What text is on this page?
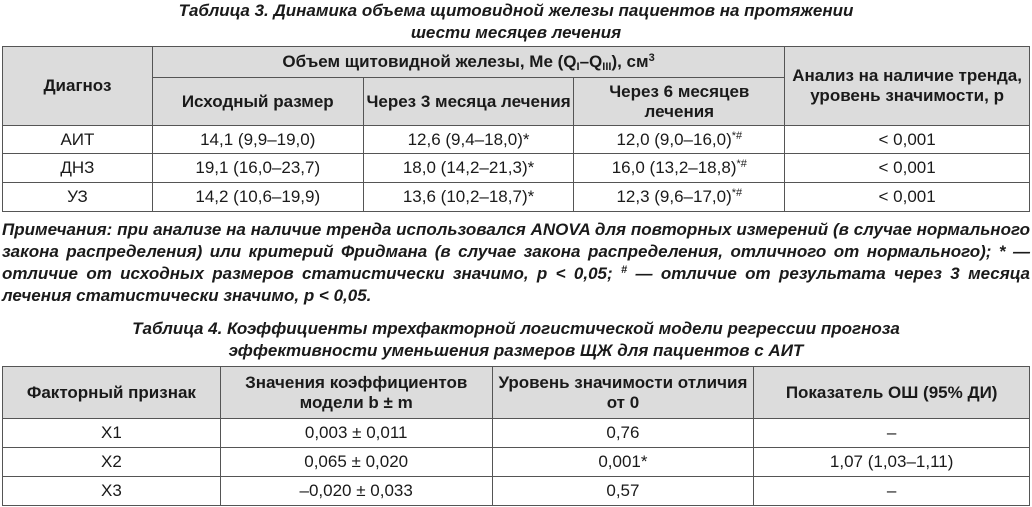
Таблица 3. Динамика объема щитовидной железы пациентов на протяжении
шести месяцев лечения
Диагноз	Объем щитовидной железы, Me $(Q_I-Q_{III})$, $см^3$			Анализ на наличие тренда, уровень значимости, p
	Исходный размер	Через 3 месяца лечения	Через 6 месяцев лечения	
АИТ	14,1 (9,9–19,0)	12,6 (9,4–18,0)*	12,0 (9,0–16,0)*#	< 0,001
ДНЗ	19,1 (16,0–23,7)	18,0 (14,2–21,3)*	16,0 (13,2–18,8)*#	< 0,001
УЗ	14,2 (10,6–19,9)	13,6 (10,2–18,7)*	12,3 (9,6–17,0)*#	< 0,001
Примечания: при анализе на наличие тренда использовался ANOVA для повторных измерений (в случае нормального закона распределения) или критерий Фридмана (в случае закона распределения, отличного от нормального); * — отличие от исходных размеров статистически значимо, p < 0,05; # — отличие от результата через 3 месяца лечения статистически значимо, p < 0,05.
Таблица 4. Коэффициенты трехфакторной логистической модели регрессии прогноза
эффективности уменьшения размеров ЩЖ для пациентов с АИТ
Факторный признак	Значения коэффициентов модели b ± m	Уровень значимости отличия от 0	Показатель ОШ (95% ДИ)
X1	0,003 ± 0,011	0,76	–
X2	0,065 ± 0,020	0,001*	1,07 (1,03–1,11)
X3	–0,020 ± 0,033	0,57	–
